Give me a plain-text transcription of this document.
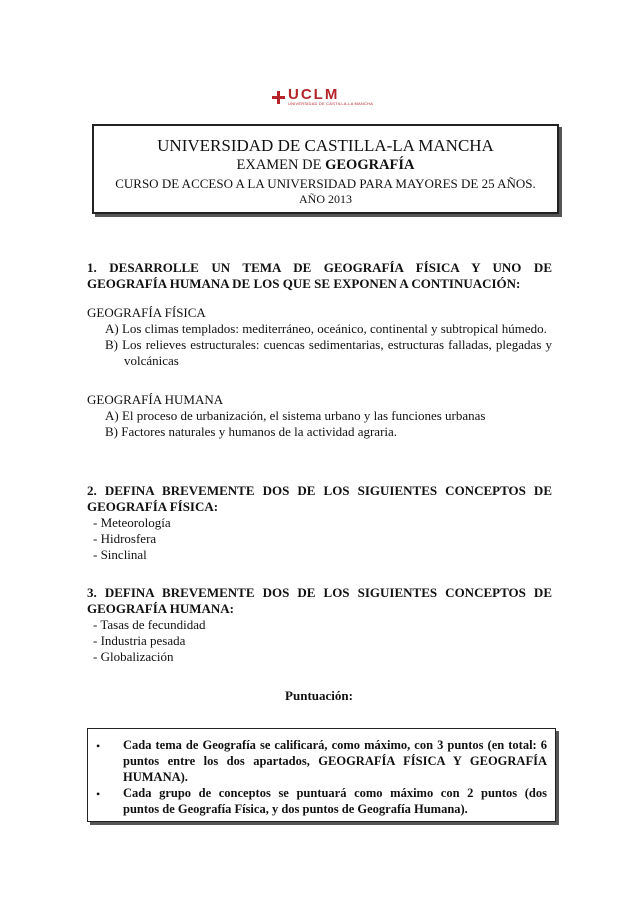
UCLM
UNIVERSIDAD DE CASTILLA-LA MANCHA
UNIVERSIDAD DE CASTILLA-LA MANCHA
EXAMEN DE GEOGRAFÍA
CURSO DE ACCESO A LA UNIVERSIDAD PARA MAYORES DE 25 AÑOS.
AÑO 2013
1. DESARROLLE UN TEMA DE GEOGRAFÍA FÍSICA Y UNO DE
GEOGRAFÍA HUMANA DE LOS QUE SE EXPONEN A CONTINUACIÓN:
GEOGRAFÍA FÍSICA
A) Los climas templados: mediterráneo, oceánico, continental y subtropical húmedo.
B) Los relieves estructurales: cuencas sedimentarias, estructuras falladas, plegadas y
volcánicas
GEOGRAFÍA HUMANA
A) El proceso de urbanización, el sistema urbano y las funciones urbanas
B) Factores naturales y humanos de la actividad agraria.
2. DEFINA BREVEMENTE DOS DE LOS SIGUIENTES CONCEPTOS DE
GEOGRAFÍA FÍSICA:
- Meteorología
- Hidrosfera
- Sinclinal
3. DEFINA BREVEMENTE DOS DE LOS SIGUIENTES CONCEPTOS DE
GEOGRAFÍA HUMANA:
- Tasas de fecundidad
- Industria pesada
- Globalización
Puntuación:
• Cada tema de Geografía se calificará, como máximo, con 3 puntos (en total: 6
puntos entre los dos apartados, GEOGRAFÍA FÍSICA Y GEOGRAFÍA
HUMANA).
• Cada grupo de conceptos se puntuará como máximo con 2 puntos (dos
puntos de Geografía Física, y dos puntos de Geografía Humana).
